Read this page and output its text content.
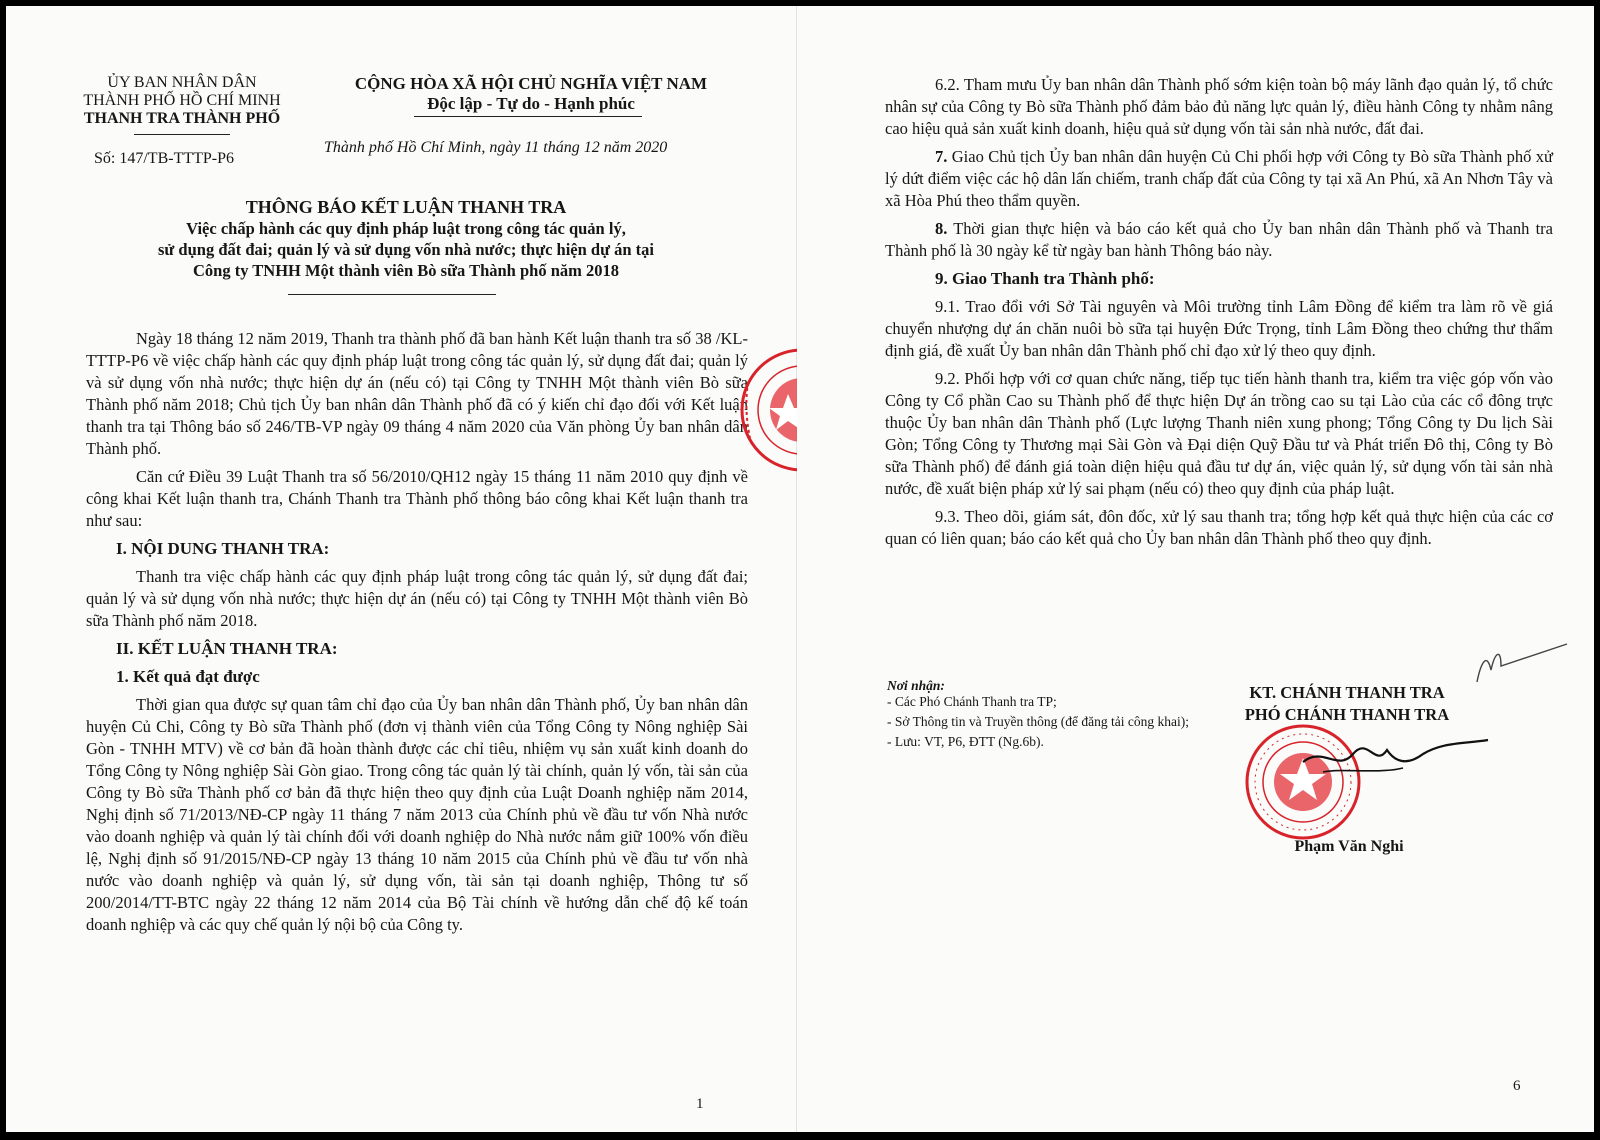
ỦY BAN NHÂN DÂN
THÀNH PHỐ HỒ CHÍ MINH
THANH TRA THÀNH PHỐ
Số: 147/TB-TTTP-P6
CỘNG HÒA XÃ HỘI CHỦ NGHĨA VIỆT NAM
Độc lập - Tự do - Hạnh phúc
Thành phố Hồ Chí Minh, ngày 11 tháng 12 năm 2020
THÔNG BÁO KẾT LUẬN THANH TRA
Việc chấp hành các quy định pháp luật trong công tác quản lý,
sử dụng đất đai; quản lý và sử dụng vốn nhà nước; thực hiện dự án tại
Công ty TNHH Một thành viên Bò sữa Thành phố năm 2018

Ngày 18 tháng 12 năm 2019, Thanh tra thành phố đã ban hành Kết luận thanh tra số 38 /KL-TTTP-P6 về việc chấp hành các quy định pháp luật trong công tác quản lý, sử dụng đất đai; quản lý và sử dụng vốn nhà nước; thực hiện dự án (nếu có) tại Công ty TNHH Một thành viên Bò sữa Thành phố năm 2018; Chủ tịch Ủy ban nhân dân Thành phố đã có ý kiến chỉ đạo đối với Kết luận thanh tra tại Thông báo số 246/TB-VP ngày 09 tháng 4 năm 2020 của Văn phòng Ủy ban nhân dân Thành phố.

Căn cứ Điều 39 Luật Thanh tra số 56/2010/QH12 ngày 15 tháng 11 năm 2010 quy định về công khai Kết luận thanh tra, Chánh Thanh tra Thành phố thông báo công khai Kết luận thanh tra như sau:

I. NỘI DUNG THANH TRA:

Thanh tra việc chấp hành các quy định pháp luật trong công tác quản lý, sử dụng đất đai; quản lý và sử dụng vốn nhà nước; thực hiện dự án (nếu có) tại Công ty TNHH Một thành viên Bò sữa Thành phố năm 2018.

II. KẾT LUẬN THANH TRA:
1. Kết quả đạt được

Thời gian qua được sự quan tâm chỉ đạo của Ủy ban nhân dân Thành phố, Ủy ban nhân dân huyện Củ Chi, Công ty Bò sữa Thành phố (đơn vị thành viên của Tổng Công ty Nông nghiệp Sài Gòn - TNHH MTV) về cơ bản đã hoàn thành được các chỉ tiêu, nhiệm vụ sản xuất kinh doanh do Tổng Công ty Nông nghiệp Sài Gòn giao. Trong công tác quản lý tài chính, quản lý vốn, tài sản của Công ty Bò sữa Thành phố cơ bản đã thực hiện theo quy định của Luật Doanh nghiệp năm 2014, Nghị định số 71/2013/NĐ-CP ngày 11 tháng 7 năm 2013 của Chính phủ về đầu tư vốn Nhà nước vào doanh nghiệp và quản lý tài chính đối với doanh nghiệp do Nhà nước nắm giữ 100% vốn điều lệ, Nghị định số 91/2015/NĐ-CP ngày 13 tháng 10 năm 2015 của Chính phủ về đầu tư vốn nhà nước vào doanh nghiệp và quản lý, sử dụng vốn, tài sản tại doanh nghiệp, Thông tư số 200/2014/TT-BTC ngày 22 tháng 12 năm 2014 của Bộ Tài chính về hướng dẫn chế độ kế toán doanh nghiệp và các quy chế quản lý nội bộ của Công ty.

1

6.2. Tham mưu Ủy ban nhân dân Thành phố sớm kiện toàn bộ máy lãnh đạo quản lý, tổ chức nhân sự của Công ty Bò sữa Thành phố đảm bảo đủ năng lực quản lý, điều hành Công ty nhằm nâng cao hiệu quả sản xuất kinh doanh, hiệu quả sử dụng vốn tài sản nhà nước, đất đai.

7. Giao Chủ tịch Ủy ban nhân dân huyện Củ Chi phối hợp với Công ty Bò sữa Thành phố xử lý dứt điểm việc các hộ dân lấn chiếm, tranh chấp đất của Công ty tại xã An Phú, xã An Nhơn Tây và xã Hòa Phú theo thẩm quyền.

8. Thời gian thực hiện và báo cáo kết quả cho Ủy ban nhân dân Thành phố và Thanh tra Thành phố là 30 ngày kể từ ngày ban hành Thông báo này.

9. Giao Thanh tra Thành phố:

9.1. Trao đổi với Sở Tài nguyên và Môi trường tỉnh Lâm Đồng để kiểm tra làm rõ về giá chuyển nhượng dự án chăn nuôi bò sữa tại huyện Đức Trọng, tỉnh Lâm Đồng theo chứng thư thẩm định giá, đề xuất Ủy ban nhân dân Thành phố chỉ đạo xử lý theo quy định.

9.2. Phối hợp với cơ quan chức năng, tiếp tục tiến hành thanh tra, kiểm tra việc góp vốn vào Công ty Cổ phần Cao su Thành phố để thực hiện Dự án trồng cao su tại Lào của các cổ đông trực thuộc Ủy ban nhân dân Thành phố (Lực lượng Thanh niên xung phong; Tổng Công ty Du lịch Sài Gòn; Tổng Công ty Thương mại Sài Gòn và Đại diện Quỹ Đầu tư và Phát triển Đô thị, Công ty Bò sữa Thành phố) để đánh giá toàn diện hiệu quả đầu tư dự án, việc quản lý, sử dụng vốn tài sản nhà nước, đề xuất biện pháp xử lý sai phạm (nếu có) theo quy định của pháp luật.

9.3. Theo dõi, giám sát, đôn đốc, xử lý sau thanh tra; tổng hợp kết quả thực hiện của các cơ quan có liên quan; báo cáo kết quả cho Ủy ban nhân dân Thành phố theo quy định.

Nơi nhận:
- Các Phó Chánh Thanh tra TP;
- Sở Thông tin và Truyền thông (để đăng tải công khai);
- Lưu: VT, P6, ĐTT (Ng.6b).
KT. CHÁNH THANH TRA
PHÓ CHÁNH THANH TRA
Phạm Văn Nghi
6
